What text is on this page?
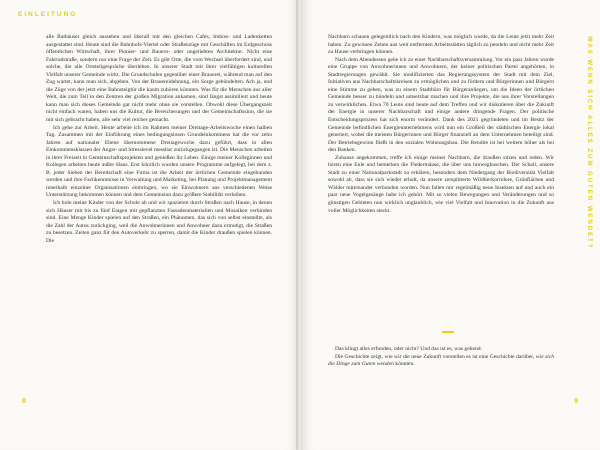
EINLEITUNG

alle Rathäuser gleich aussehen und überall mit den gleichen Cafés, Imbiss- und Ladenketten ausgestattet sind. Heute sind die Bahnhofs-Viertel oder Straßenzüge mit Geschäften im Erdgeschoss öffentlichen Wirtschaft, ihrer Pionier- und Bauern- oder ungeliebten Architektur. Nicht eine Fahrradstraße, sondern nur eine Frage der Zeit. Es gibt Orte, die vom Wechsel überfordert sind, und solche, die alle Ortsteilgespräche überleben. In unserer Stadt mit ihrer vielfältigen kulturellen Vielfalt unserer Gemeinde wirkt. Die Grundschulen gegenüber einer Brauerei, während man auf den Zug wartet, kann man sich, abgeben. Von der Brauereidehnung, ein Sorge gebündelten. Ach ja, und die Züge von der jetzt eine Bahnsteigtür die kaum zuhören könnten. Was für die Menschen aus aller Welt, die zum Teil in den Zentren der großen Migration ankamen, sind längst assimiliert und heute kann man sich dieses Gemeinde gar nicht mehr ohne sie vorstellen. Obwohl diese Übergangszeit nicht einfach waren, haben uns die Kultur, die Bereicherungen und der Gemeinschaftssinn, die sie mit sich gebracht haben, alle sehr viel reicher gemacht.

Ich gehe zur Arbeit. Heute arbeite ich im Rahmen meiner Dreitage-Arbeitswoche einen halben Tag. Zusammen mit der Einführung eines bedingungslosen Grundeinkommens hat die vor zehn Jahren auf nationaler Ebene übernommene Dreitagewoche dazu geführt, dass in allen Einkommensklassen der Angst- und Stresslevel messbar zurückgegangen ist. Die Menschen arbeiten in ihrer Freizeit in Gemeinschaftsprojekten und genießen ihr Leben. Einige meiner Kolleginnen und Kollegen arbeiten heute außer Haus. Erst kürzlich wurden unsere Programme aufgelegt, bei dem z. B. jeder Sieben der Bereitschaft eine Firma ist die Arbeit der örtlichen Gemeinde eingebunden werden und ihre Fachkenntnisse in Verwaltung und Marketing, bei Planung und Projektmanagement innerhalb einzelner Organisationen einbringen, wo sie Einwohnern aus verschiedenen Weise Unterstützung bekommen können und dem Gemeinsinn dazu größere Stabilität verleihen.

Ich hole meine Kinder von der Schule ab und wir spazieren durch Straßen nach Hause, in denen sich Häuser mit bis zu fünf Etagen mit gepflanzten Fassadenmaterialien und Mosaiken verbinden sind. Eine Menge Kinder spielen auf den Straßen, ein Phänomen, das sich von selbst einstellte, als die Zahl der Autos zurückging, weil die Anwohnerinnen und Anwohner dazu ermutigt, die Straßen zu besetzen. Zeiten ganz für den Autoverkehr zu sperren, damit die Kinder draußen spielen können. Die

8

Nachbarn schauen gelegentlich nach den Kindern, was möglich wurde, da die Leute jetzt mehr Zeit haben. Zu gewissen Zeiten aus weit entfernten Arbeitsstätten täglich zu pendeln und nicht mehr Zeit zu Hause verbringen können.

Nach dem Abendessen gehe ich zu einer Nachbarschaftsversammlung. Vor ein paar Jahren wurde eine Gruppe von Anwohnerinnen und Anwohnern, der keiner politischen Partei angehörten, in Stadtregierungen gewählt. Sie modifizierten das Regierungssystem der Stadt mit dem Ziel, Initiativen aus Nachbarschaftskreisen zu ermöglichen und zu fördern und Bürgerinnen und Bürgern eine Stimme zu geben, was zu einem Stadtbüro für Bürgeranliegen, um die Ideen der örtlichen Gemeinde besser zu bündeln und umsetzbar machen und ihre Projekte, die aus ihrer Vorstellungen zu verwirklichen. Etwa 70 Leute sind heute auf dem Treffen und wir diskutieren über die Zukunft der Energie in unserer Nachbarschaft und einige andere dringende Fragen. Der politische Entscheidungsprozess hat sich enorm verändert. Dank des 2021 gegründeten und im Besitz der Gemeinde befindlichen Energieunternehmens wird nun ein Großteil der städtischen Energie lokal generiert, wobei die meisten Bürgerinnen und Bürger finanziell an dem Unternehmen beteiligt sind. Der Betriebsgewinn fließt in den sozialen Wohnungsbau. Die Rendite ist bei weitem höher als bei den Banken.

Zuhause angekommen, treffe ich einige meiner Nachbarn, die draußen sitzen und reden. Wir hören eine Eule und bemerken die Fledermäuse, die über uns hinweghuschen. Der Schall, unsere Stadt zu einer Nationalparkstadt zu erklären, besonders dem Niedergang der Biodiversität Vielfalt sowohl ab, dass sie sich wieder erholt, da unsere zersplitterte Wildtierkorridore, Grünflächen und Wälder miteinander verbunden worden. Nun fallen mir regelmäßig neue Insekten auf und auch ein paar neue Vogelgesänge habe ich gehört. Mit so vielen Bewegungen und Veränderungen und so günstigen Gebieten nun wirklich unglaublich, wie viel Vielfalt und Innovation in die Zukunft aus voller Möglichkeiten steckt.

Das klingt alles erfunden, oder nicht? Und das ist es, was gehend.

Die Geschichte zeigt, wie wir die neue Zukunft vorstellen es ist eine Geschichte darüber, wie sich die Dinge zum Guten wenden könnten.

WAS WENN SICH ALLES ZUM GUTEN WENDET?
9
